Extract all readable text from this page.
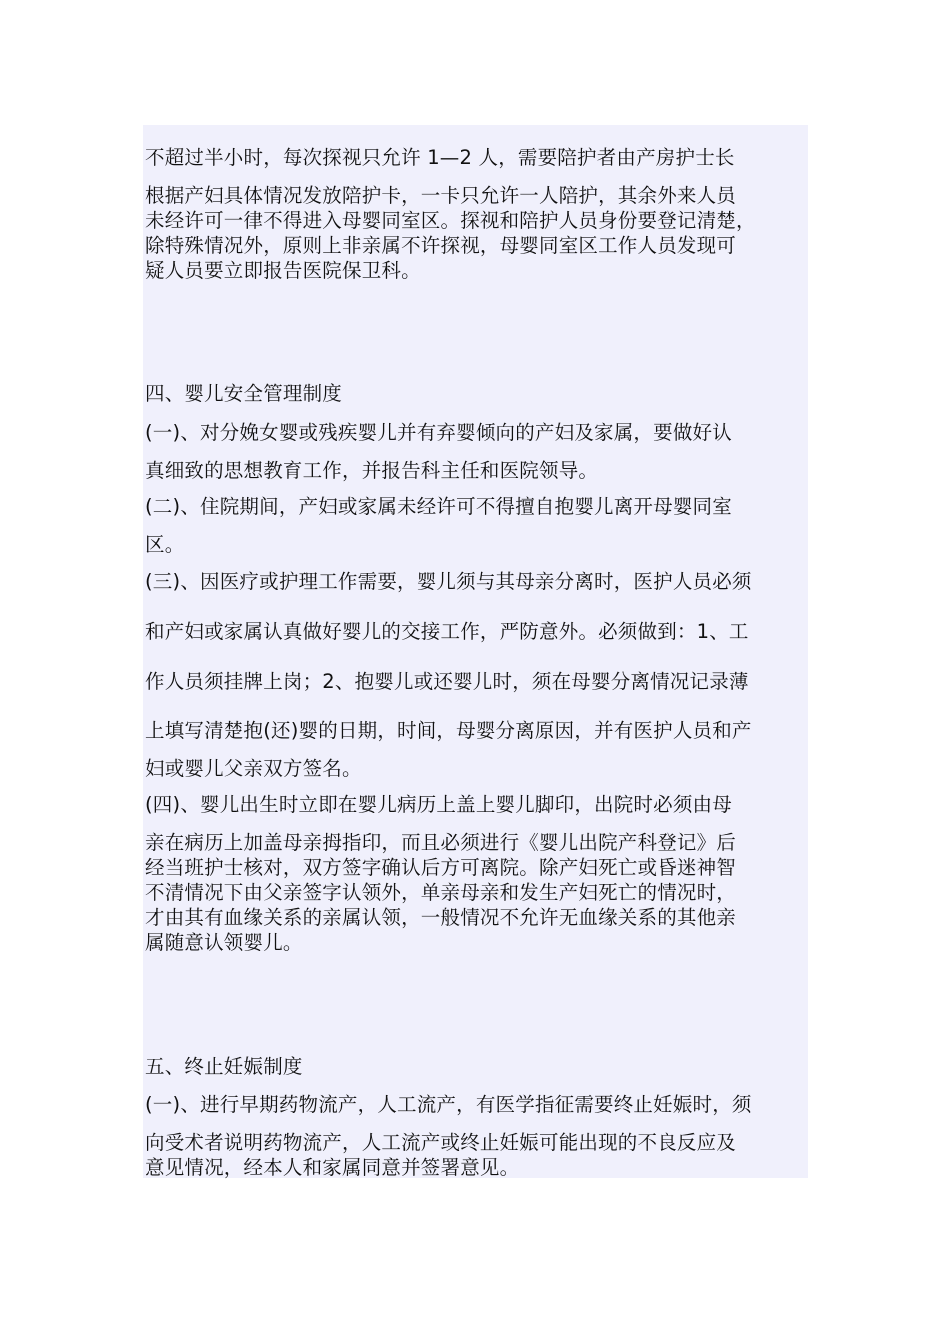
不超过半小时，每次探视只允许 1—2 人，需要陪护者由产房护士长

根据产妇具体情况发放陪护卡，一卡只允许一人陪护，其余外来人员

未经许可一律不得进入母婴同室区。探视和陪护人员身份要登记清楚，

除特殊情况外，原则上非亲属不许探视，母婴同室区工作人员发现可

疑人员要立即报告医院保卫科。

四、婴儿安全管理制度

(一)、对分娩女婴或残疾婴儿并有弃婴倾向的产妇及家属，要做好认

真细致的思想教育工作，并报告科主任和医院领导。

(二)、住院期间，产妇或家属未经许可不得擅自抱婴儿离开母婴同室

区。

(三)、因医疗或护理工作需要，婴儿须与其母亲分离时，医护人员必须

和产妇或家属认真做好婴儿的交接工作，严防意外。必须做到：1、工

作人员须挂牌上岗；2、抱婴儿或还婴儿时，须在母婴分离情况记录薄

上填写清楚抱(还)婴的日期，时间，母婴分离原因，并有医护人员和产

妇或婴儿父亲双方签名。

(四)、婴儿出生时立即在婴儿病历上盖上婴儿脚印，出院时必须由母

亲在病历上加盖母亲拇指印，而且必须进行《婴儿出院产科登记》后

经当班护士核对，双方签字确认后方可离院。除产妇死亡或昏迷神智

不清情况下由父亲签字认领外，单亲母亲和发生产妇死亡的情况时，

才由其有血缘关系的亲属认领，一般情况不允许无血缘关系的其他亲

属随意认领婴儿。

五、终止妊娠制度

(一)、进行早期药物流产，人工流产，有医学指征需要终止妊娠时，须

向受术者说明药物流产，人工流产或终止妊娠可能出现的不良反应及

意见情况，经本人和家属同意并签署意见。
